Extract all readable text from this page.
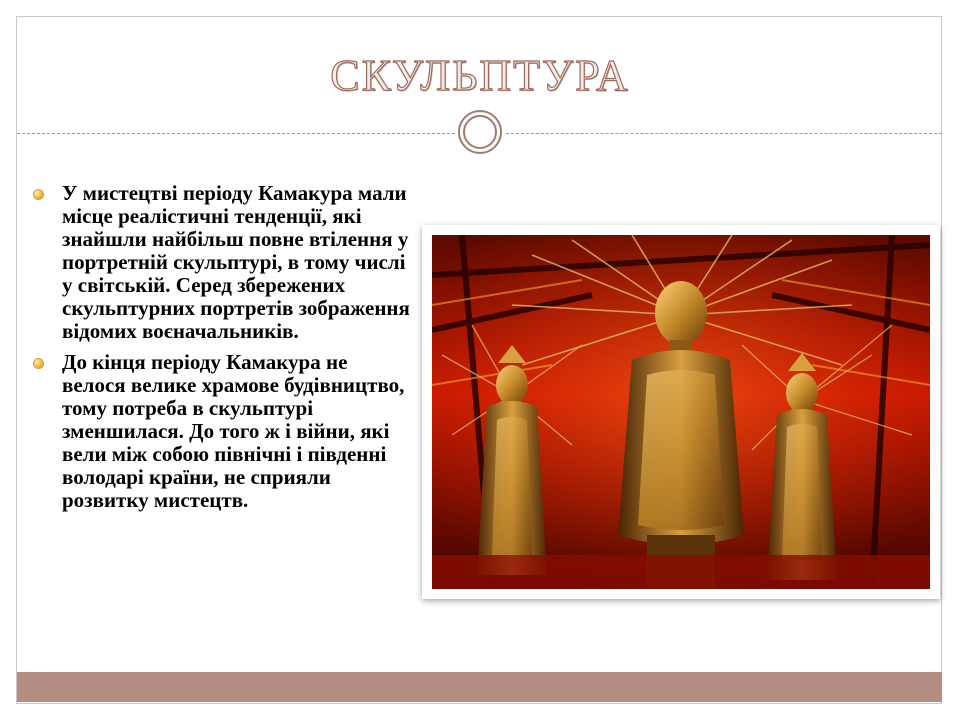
СКУЛЬПТУРА
У мистецтві періоду Камакура мали місце реалістичні тенденції, які знайшли найбільш повне втілення у портретній скульптурі, в тому числі у світській. Серед збережених скульптурних портретів зображення відомих воєначальників.
До кінця періоду Камакура не велося велике храмове будівництво, тому потреба в скульптурі зменшилася. До того ж і війни, які вели між собою північні і південні володарі країни, не сприяли розвитку мистецтв.
